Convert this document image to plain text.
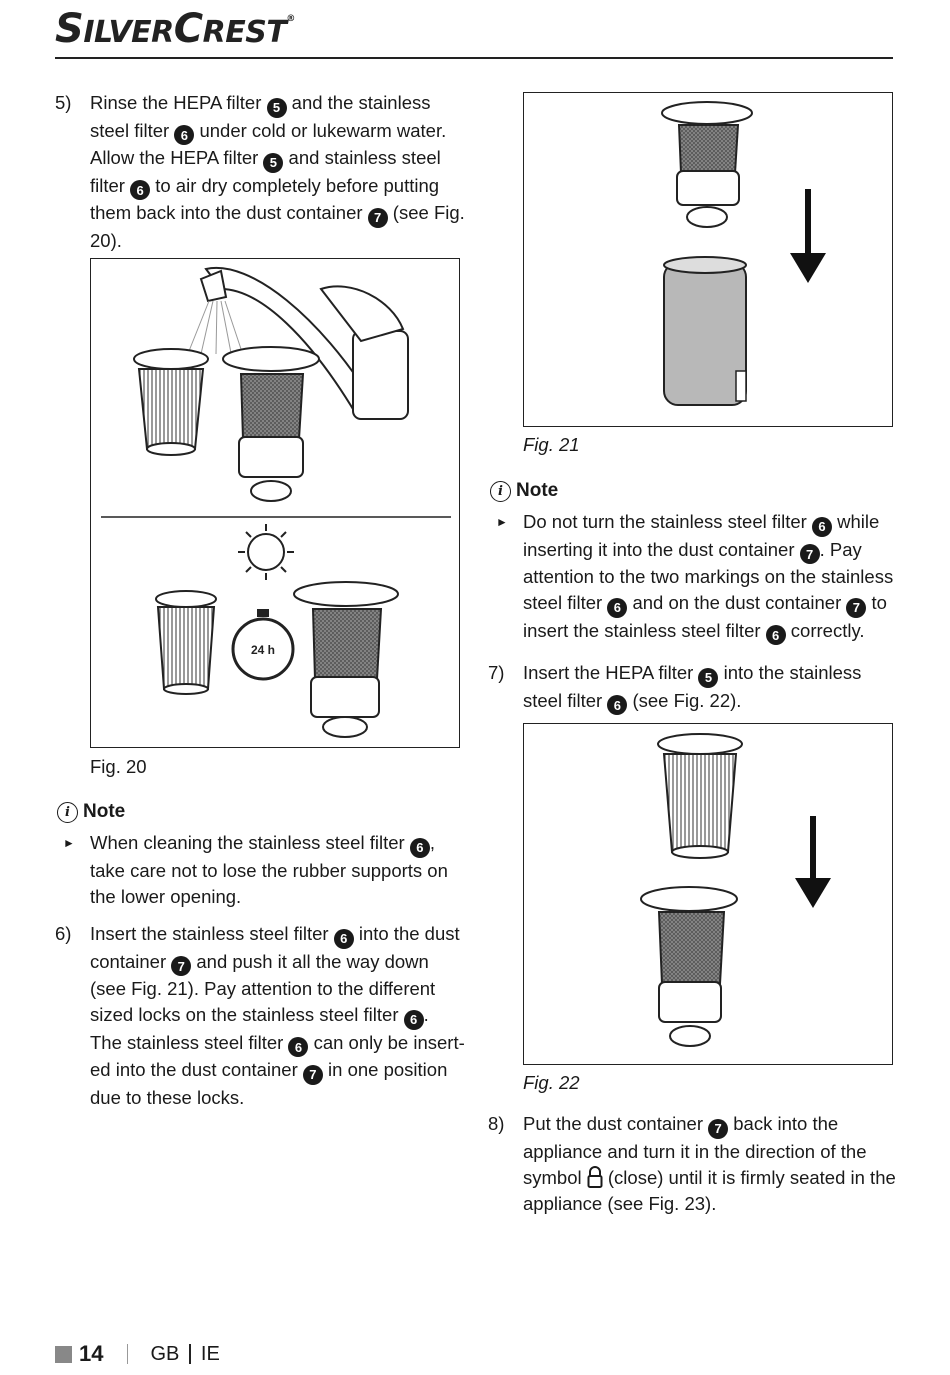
SILVERCREST®
5) Rinse the HEPA filter 5 and the stainless steel filter 6 under cold or lukewarm water. Allow the HEPA filter 5 and stainless steel filter 6 to air dry completely before putting them back into the dust container 7 (see Fig. 20).
24 h
Fig. 20
i Note
► When cleaning the stainless steel filter 6 , take care not to lose the rubber supports on the lower opening.
6) Insert the stainless steel filter 6 into the dust container 7 and push it all the way down (see Fig. 21). Pay attention to the different sized locks on the stainless steel filter 6 . The stainless steel filter 6 can only be insert-ed into the dust container 7 in one position due to these locks.
Fig. 21
i Note
► Do not turn the stainless steel filter 6 while inserting it into the dust container 7 . Pay attention to the two markings on the stainless steel filter 6 and on the dust container 7 to insert the stainless steel filter 6 correctly.
7) Insert the HEPA filter 5 into the stainless steel filter 6 (see Fig. 22).
Fig. 22
8) Put the dust container 7 back into the appliance and turn it in the direction of the symbol  (close) until it is firmly seated in the appliance (see Fig. 23).
14 GB IE
